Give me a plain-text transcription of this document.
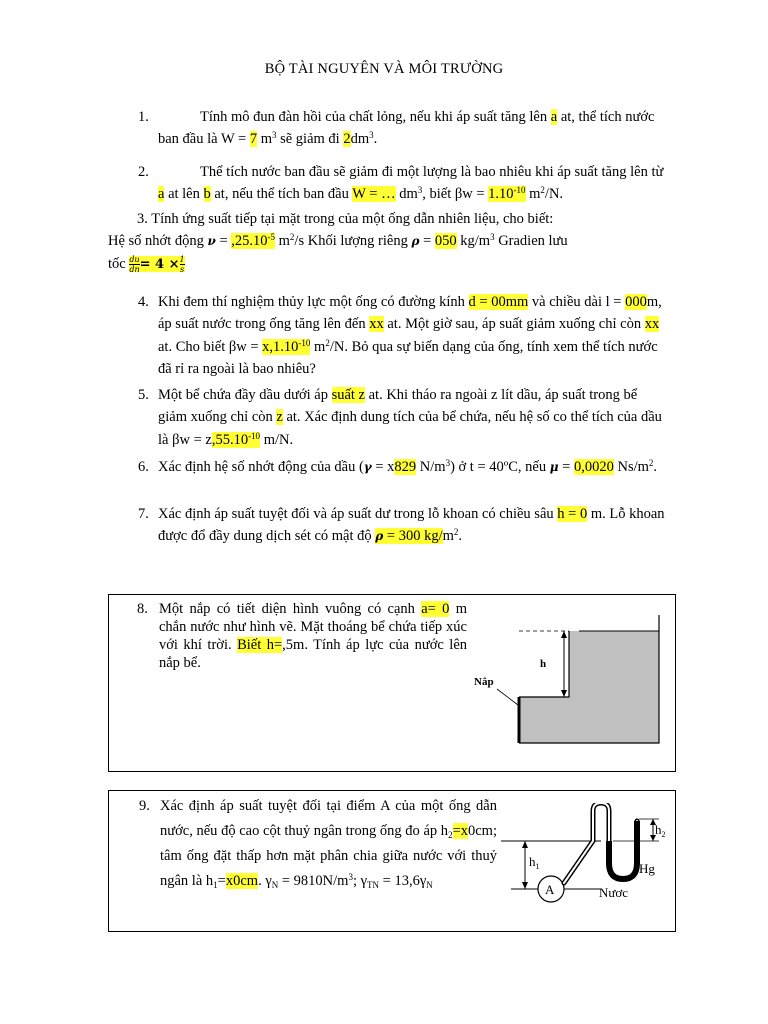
BỘ TÀI NGUYÊN VÀ MÔI TRƯỜNG
1.	Tính mô đun đàn hồi của chất lỏng, nếu khi áp suất tăng lên a at, thể tích nước ban đầu là W = 7 $m^3$ sẽ giảm đi $2dm^3$.
2.	Thể tích nước ban đầu sẽ giảm đi một lượng là bao nhiêu khi áp suất tăng lên từ a at lên b at, nếu thể tích ban đầu W = … $dm^3$, biết $\beta w = 1.10^{-10}$ $m^2/N$.
3. Tính ứng suất tiếp tại mặt trong của một ống dẫn nhiên liệu, cho biết:
Hệ số nhớt động $\nu = ,25.10^{-5}$ $m^2/s$ Khối lượng riêng ρ = 050 $kg/m^3$ Gradien lưu
tốc $\frac{du}{dn} = 4 \times \frac{1}{s}$
4. Khi đem thí nghiệm thủy lực một ống có đường kính d = 00mm và chiều dài l = 000m, áp suất nước trong ống tăng lên đến xx at. Một giờ sau, áp suất giảm xuống chỉ còn xx at. Cho biết $\beta w = x,1.10^{-10}$ $m^2/N$. Bỏ qua sự biến dạng của ống, tính xem thể tích nước đã rỉ ra ngoài là bao nhiêu?
5. Một bể chứa đầy dầu dưới áp suất z at. Khi tháo ra ngoài z lít dầu, áp suất trong bể giảm xuống chỉ còn z at. Xác định dung tích của bể chứa, nếu hệ số co thể tích của dầu là $\beta w = z,55.10^{-10}$ m/N.
6. Xác định hệ số nhớt động của dầu (γ = x829 $N/m^3$) ở t = 40ºC, nếu μ = 0,0020 $Ns/m^2$.
7. Xác định áp suất tuyệt đối và áp suất dư trong lỗ khoan có chiều sâu h = 0 m. Lỗ khoan được đổ đầy dung dịch sét có mật độ ρ = 300 $kg/m^2$.
8. Một nắp có tiết diện hình vuông có cạnh a= 0 m chắn nước như hình vẽ. Mặt thoáng bể chứa tiếp xúc với khí trời. Biết h=,5m. Tính áp lực của nước lên nắp bể.	h
Nắp
9. Xác định áp suất tuyệt đối tại điểm A của một ống dẫn nước, nếu độ cao cột thuỷ ngân trong ống đo áp $h_2=x0cm$; tâm ống đặt thấp hơn mặt phân chia giữa nước với thuỷ ngân là $h_1=x0cm$. $\gamma_N = 9810N/m^3$; $\gamma_{TN} = 13,6\gamma_N$	A
$h_1$
$h_2$
Hg
Nươc
